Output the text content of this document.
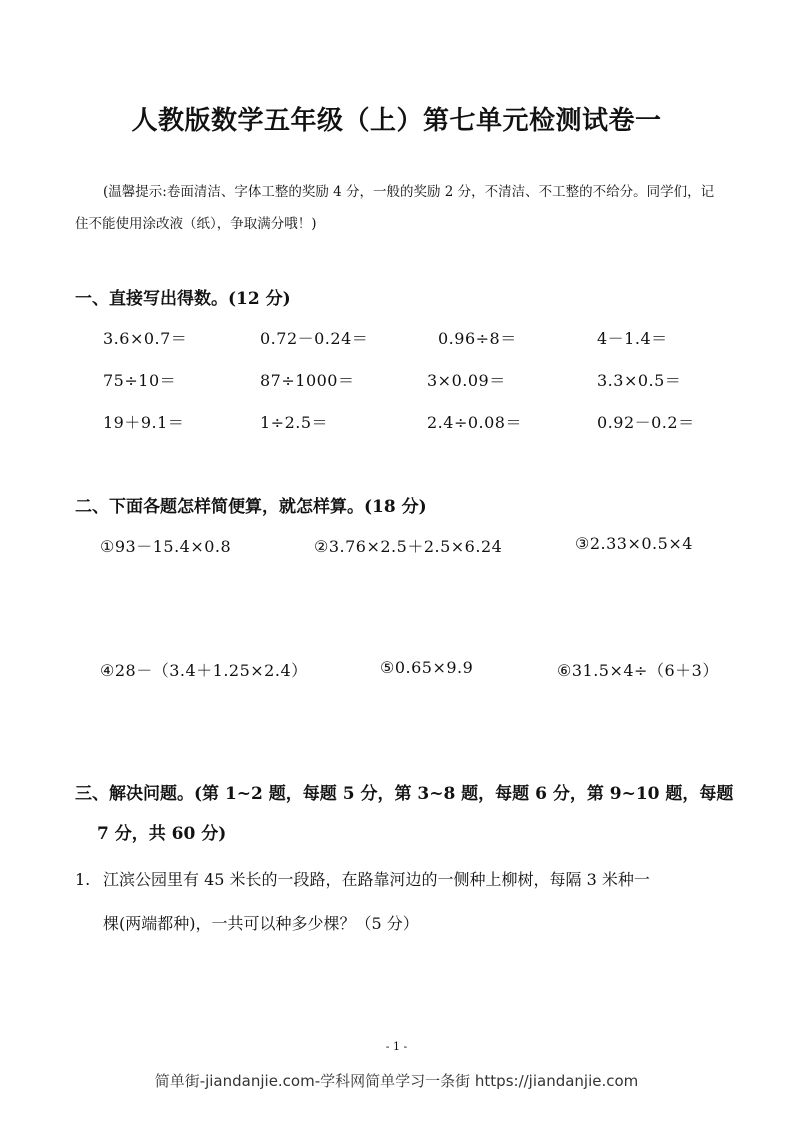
人教版数学五年级（上）第七单元检测试卷一
(温馨提示:卷面清洁、字体工整的奖励 4 分，一般的奖励 2 分，不清洁、不工整的不给分。同学们，记住不能使用涂改液（纸），争取满分哦！)
一、直接写出得数。(12 分)
3.6×0.7＝	0.72－0.24＝	0.96÷8＝	4－1.4＝
75÷10＝	87÷1000＝	3×0.09＝	3.3×0.5＝
19＋9.1＝	1÷2.5＝	2.4÷0.08＝	0.92－0.2＝
二、下面各题怎样简便算，就怎样算。(18 分)
①93－15.4×0.8	②3.76×2.5＋2.5×6.24	③2.33×0.5×4
④28－（3.4＋1.25×2.4）	⑤0.65×9.9	⑥31.5×4÷（6＋3）
三、解决问题。(第 1~2 题，每题 5 分，第 3~8 题，每题 6 分，第 9~10 题，每题
7 分，共 60 分)
1. 江滨公园里有 45 米长的一段路，在路靠河边的一侧种上柳树，每隔 3 米种一
棵(两端都种)，一共可以种多少棵？（5 分）
- 1 -
简单街-jiandanjie.com-学科网简单学习一条街 https://jiandanjie.com
